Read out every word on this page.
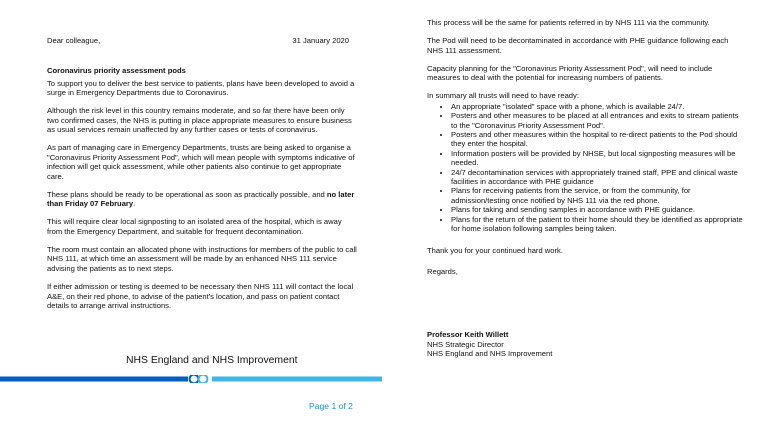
Dear colleague,	31 January 2020
Coronavirus priority assessment pods

To support you to deliver the best service to patients, plans have been developed to avoid a surge in Emergency Departments due to Coronavirus.

Although the risk level in this country remains moderate, and so far there have been only two confirmed cases, the NHS is putting in place appropriate measures to ensure business as usual services remain unaffected by any further cases or tests of coronavirus.

As part of managing care in Emergency Departments, trusts are being asked to organise a "Coronavirus Priority Assessment Pod", which will mean people with symptoms indicative of infection will get quick assessment, while other patients also continue to get appropriate care.

These plans should be ready to be operational as soon as practically possible, and no later than Friday 07 February.

This will require clear local signposting to an isolated area of the hospital, which is away from the Emergency Department, and suitable for frequent decontamination.

The room must contain an allocated phone with instructions for members of the public to call NHS 111, at which time an assessment will be made by an enhanced NHS 111 service advising the patients as to next steps.

If either admission or testing is deemed to be necessary then NHS 111 will contact the local A&E, on their red phone, to advise of the patient's location, and pass on patient contact details to arrange arrival instructions.

NHS England and NHS Improvement
Page 1 of 2

This process will be the same for patients referred in by NHS 111 via the community.

The Pod will need to be decontaminated in accordance with PHE guidance following each NHS 111 assessment.

Capacity planning for the "Coronavirus Priority Assessment Pod", will need to include measures to deal with the potential for increasing numbers of patients.

In summary all trusts will need to have ready:
• An appropriate "isolated" space with a phone, which is available 24/7.
• Posters and other measures to be placed at all entrances and exits to stream patients to the "Coronavirus Priority Assessment Pod".
• Posters and other measures within the hospital to re-direct patients to the Pod should they enter the hospital.
• Information posters will be provided by NHSE, but local signposting measures will be needed.
• 24/7 decontamination services with appropriately trained staff, PPE and clinical waste facilities in accordance with PHE guidance
• Plans for receiving patients from the service, or from the community, for admission/testing once notified by NHS 111 via the red phone.
• Plans for taking and sending samples in accordance with PHE guidance.
• Plans for the return of the patient to their home should they be identified as appropriate for home isolation following samples being taken.

Thank you for your continued hard work.

Regards,

Professor Keith Willett
NHS Strategic Director
NHS England and NHS Improvement
